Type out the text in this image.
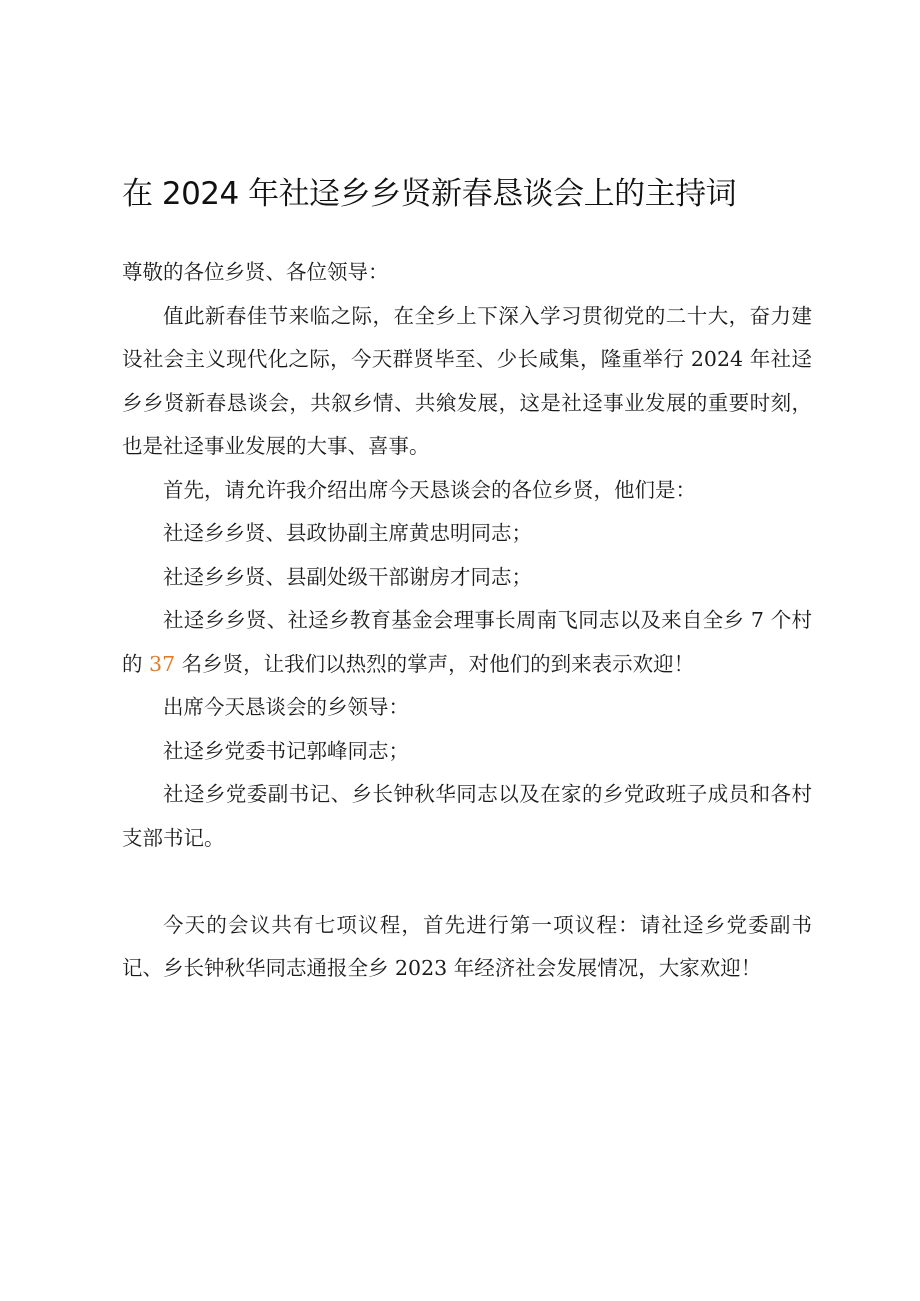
在 2024 年社迳乡乡贤新春恳谈会上的主持词

尊敬的各位乡贤、各位领导：

值此新春佳节来临之际，在全乡上下深入学习贯彻党的二十大，奋力建设社会主义现代化之际，今天群贤毕至、少长咸集，隆重举行 2024 年社迳乡乡贤新春恳谈会，共叙乡情、共飨发展，这是社迳事业发展的重要时刻，也是社迳事业发展的大事、喜事。

首先，请允许我介绍出席今天恳谈会的各位乡贤，他们是：

社迳乡乡贤、县政协副主席黄忠明同志；

社迳乡乡贤、县副处级干部谢房才同志；

社迳乡乡贤、社迳乡教育基金会理事长周南飞同志以及来自全乡 7 个村的 37 名乡贤，让我们以热烈的掌声，对他们的到来表示欢迎！

出席今天恳谈会的乡领导：

社迳乡党委书记郭峰同志；

社迳乡党委副书记、乡长钟秋华同志以及在家的乡党政班子成员和各村支部书记。

今天的会议共有七项议程，首先进行第一项议程：请社迳乡党委副书记、乡长钟秋华同志通报全乡 2023 年经济社会发展情况，大家欢迎！
